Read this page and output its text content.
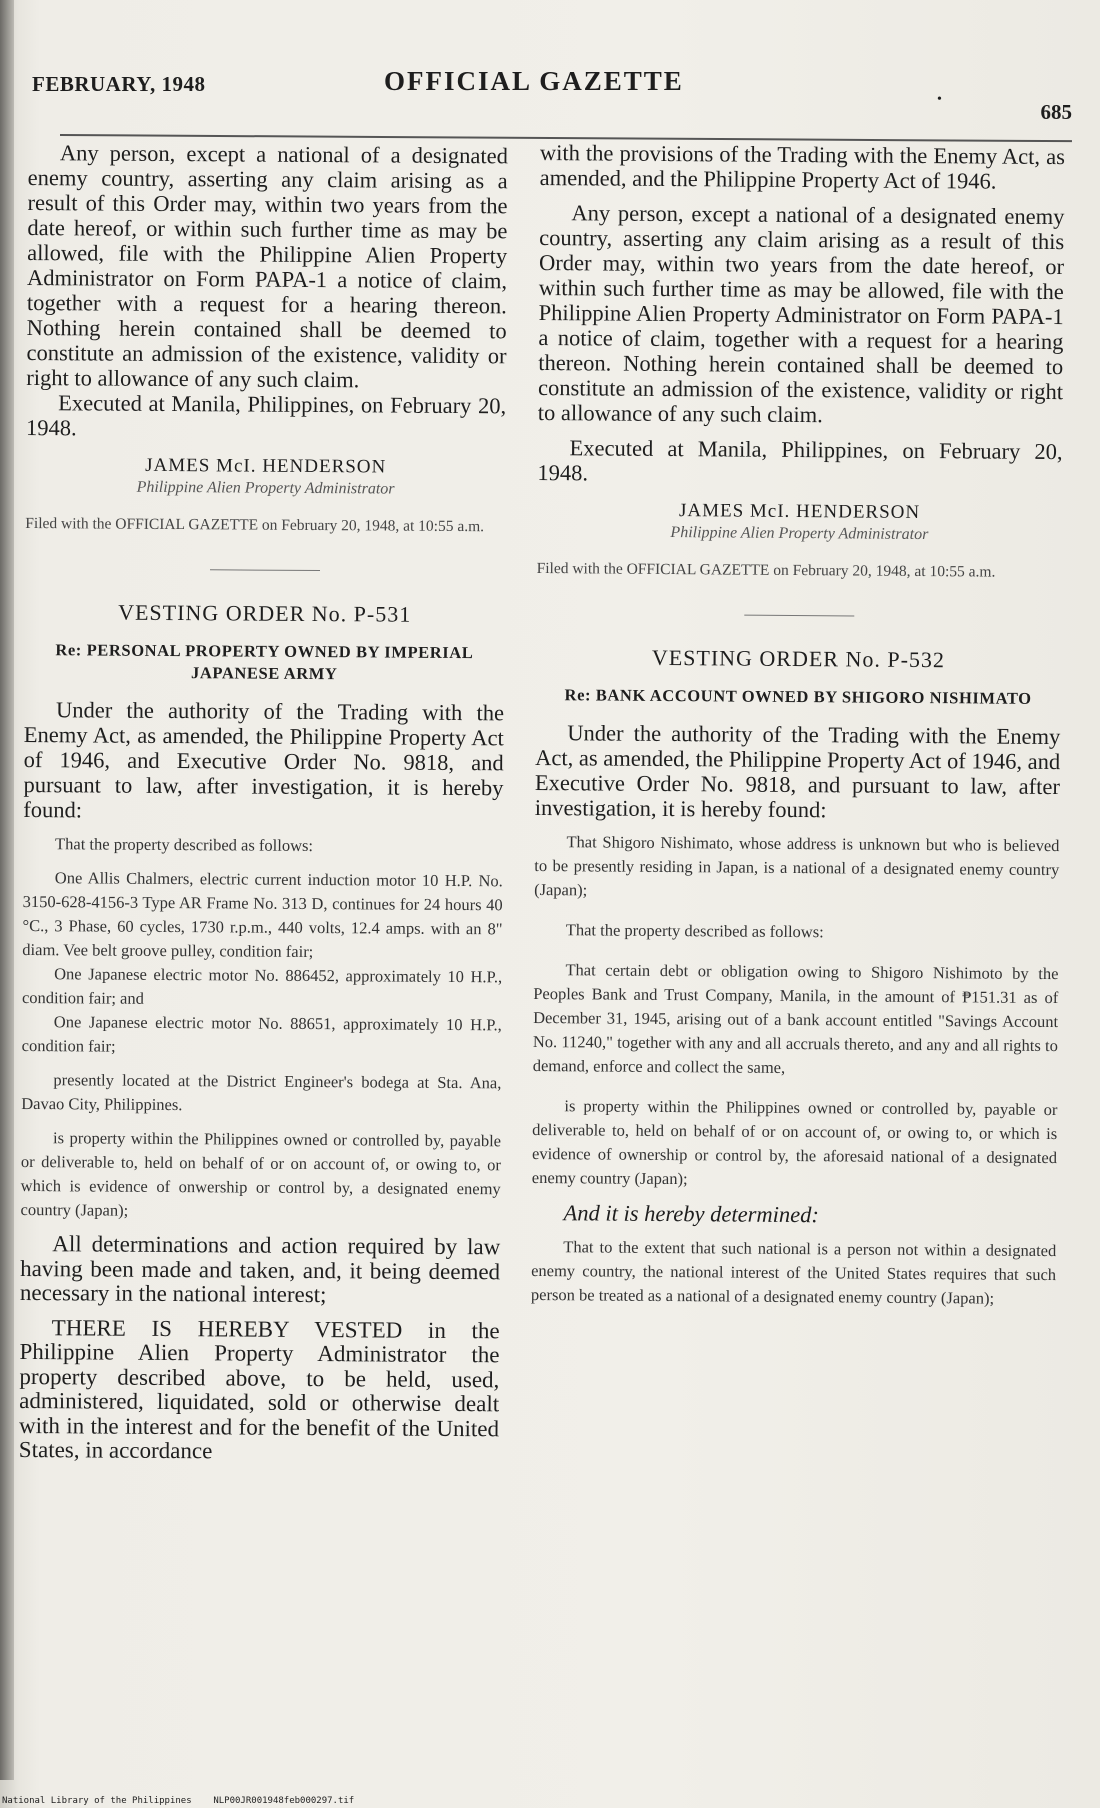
FEBRUARY, 1948	OFFICIAL GAZETTE
•
685

Any person, except a national of a designated enemy country, asserting any claim arising as a result of this Order may, within two years from the date hereof, or within such further time as may be allowed, file with the Philippine Alien Property Administrator on Form PAPA-1 a notice of claim, together with a request for a hearing thereon. Nothing herein contained shall be deemed to constitute an admission of the existence, validity or right to allowance of any such claim.

Executed at Manila, Philippines, on February 20, 1948.

JAMES McI. HENDERSON
Philippine Alien Property Administrator

Filed with the OFFICIAL GAZETTE on February 20, 1948, at 10:55 a.m.

VESTING ORDER No. P-531
Re: PERSONAL PROPERTY OWNED BY IMPERIAL JAPANESE ARMY

Under the authority of the Trading with the Enemy Act, as amended, the Philippine Property Act of 1946, and Executive Order No. 9818, and pursuant to law, after investigation, it is hereby found:

That the property described as follows:

One Allis Chalmers, electric current induction motor 10 H.P. No. 3150-628-4156-3 Type AR Frame No. 313 D, continues for 24 hours 40 °C., 3 Phase, 60 cycles, 1730 r.p.m., 440 volts, 12.4 amps. with an 8" diam. Vee belt groove pulley, condition fair;

One Japanese electric motor No. 886452, approximately 10 H.P., condition fair; and

One Japanese electric motor No. 88651, approximately 10 H.P., condition fair;

presently located at the District Engineer's bodega at Sta. Ana, Davao City, Philippines.

is property within the Philippines owned or controlled by, payable or deliverable to, held on behalf of or on account of, or owing to, or which is evidence of onwership or control by, a designated enemy country (Japan);

All determinations and action required by law having been made and taken, and, it being deemed necessary in the national interest;

THERE IS HEREBY VESTED in the Philippine Alien Property Administrator the property described above, to be held, used, administered, liquidated, sold or otherwise dealt with in the interest and for the benefit of the United States, in accordance

with the provisions of the Trading with the Enemy Act, as amended, and the Philippine Property Act of 1946.

Any person, except a national of a designated enemy country, asserting any claim arising as a result of this Order may, within two years from the date hereof, or within such further time as may be allowed, file with the Philippine Alien Property Administrator on Form PAPA-1 a notice of claim, together with a request for a hearing thereon. Nothing herein contained shall be deemed to constitute an admission of the existence, validity or right to allowance of any such claim.

Executed at Manila, Philippines, on February 20, 1948.

JAMES McI. HENDERSON
Philippine Alien Property Administrator

Filed with the OFFICIAL GAZETTE on February 20, 1948, at 10:55 a.m.

VESTING ORDER No. P-532
Re: BANK ACCOUNT OWNED BY SHIGORO NISHIMATO

Under the authority of the Trading with the Enemy Act, as amended, the Philippine Property Act of 1946, and Executive Order No. 9818, and pursuant to law, after investigation, it is hereby found:

That Shigoro Nishimato, whose address is unknown but who is believed to be presently residing in Japan, is a national of a designated enemy country (Japan);

That the property described as follows:

That certain debt or obligation owing to Shigoro Nishimoto by the Peoples Bank and Trust Company, Manila, in the amount of ₱151.31 as of December 31, 1945, arising out of a bank account entitled "Savings Account No. 11240," together with any and all accruals thereto, and any and all rights to demand, enforce and collect the same,

is property within the Philippines owned or controlled by, payable or deliverable to, held on behalf of or on account of, or owing to, or which is evidence of ownership or control by, the aforesaid national of a designated enemy country (Japan);

And it is hereby determined:

That to the extent that such national is a person not within a designated enemy country, the national interest of the United States requires that such person be treated as a national of a designated enemy country (Japan);

National Library of the Philippines NLP00JR001948feb000297.tif
